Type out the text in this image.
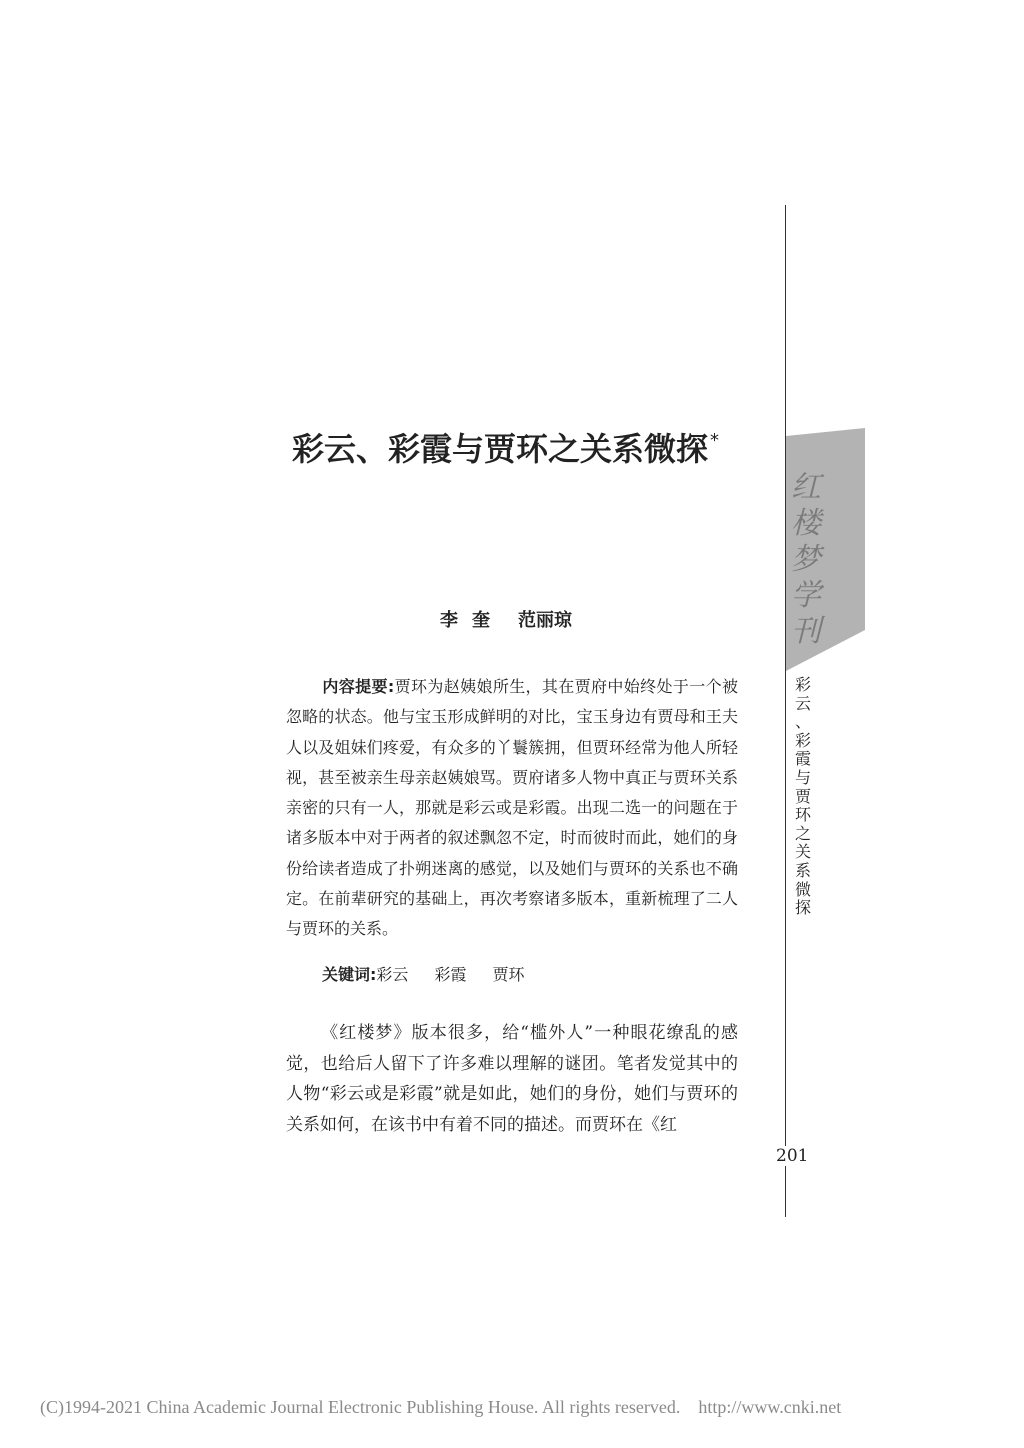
彩云、彩霞与贾环之关系微探 *
李奎 范丽琼
内容提要:贾环为赵姨娘所生，其在贾府中始终处于一个被忽略的状态。他与宝玉形成鲜明的对比，宝玉身边有贾母和王夫人以及姐妹们疼爱，有众多的丫鬟簇拥，但贾环经常为他人所轻视，甚至被亲生母亲赵姨娘骂。贾府诸多人物中真正与贾环关系亲密的只有一人，那就是彩云或是彩霞。出现二选一的问题在于诸多版本中对于两者的叙述飘忽不定，时而彼时而此，她们的身份给读者造成了扑朔迷离的感觉，以及她们与贾环的关系也不确定。在前辈研究的基础上，再次考察诸多版本，重新梳理了二人与贾环的关系。
关键词:彩云 彩霞 贾环
《红楼梦》版本很多，给“槛外人”一种眼花缭乱的感觉，也给后人留下了许多难以理解的谜团。笔者发觉其中的人物“彩云或是彩霞”就是如此，她们的身份，她们与贾环的关系如何，在该书中有着不同的描述。而贾环在《红
红
楼
梦
学
刊
彩
云
、
彩
霞
与
贾
环
之
关
系
微
探
201
(C)1994-2021 China Academic Journal Electronic Publishing House. All rights reserved. http://www.cnki.net
